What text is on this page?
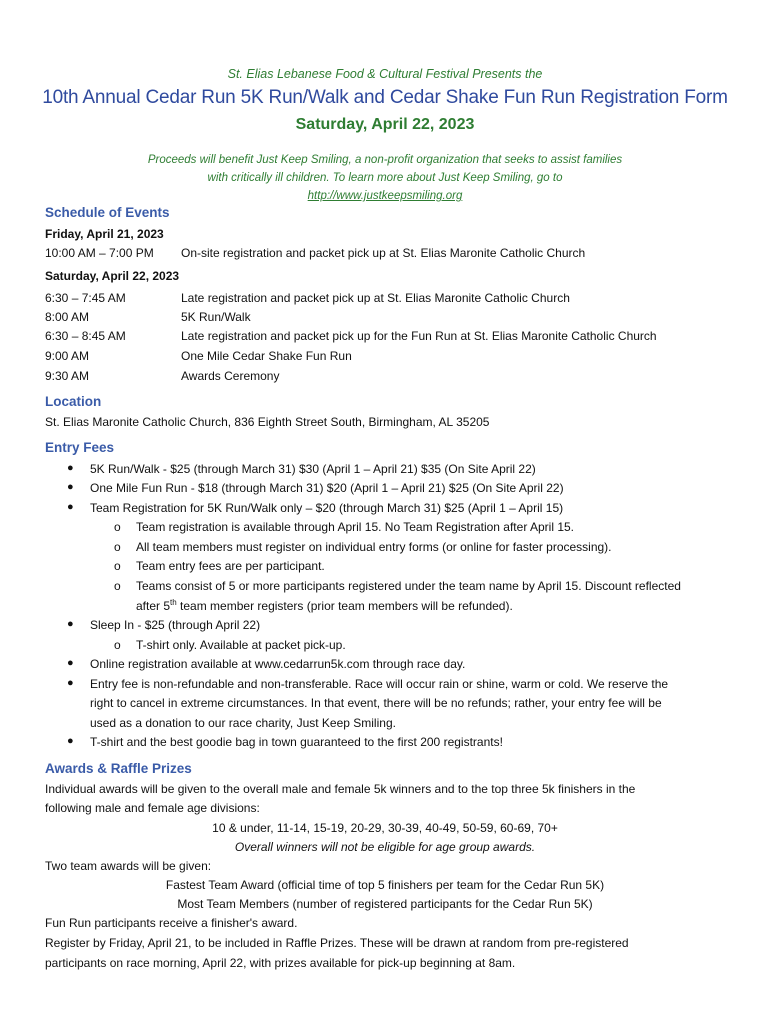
St. Elias Lebanese Food & Cultural Festival Presents the
10th Annual Cedar Run 5K Run/Walk and Cedar Shake Fun Run Registration Form
Saturday, April 22, 2023
Proceeds will benefit Just Keep Smiling, a non-profit organization that seeks to assist families
with critically ill children. To learn more about Just Keep Smiling, go to
http://www.justkeepsmiling.org
Schedule of Events
Friday, April 21, 2023
10:00 AM – 7:00 PM On-site registration and packet pick up at St. Elias Maronite Catholic Church
Saturday, April 22, 2023
6:30 – 7:45 AM	Late registration and packet pick up at St. Elias Maronite Catholic Church
8:00 AM	5K Run/Walk
6:30 – 8:45 AM	Late registration and packet pick up for the Fun Run at St. Elias Maronite Catholic Church
9:00 AM	One Mile Cedar Shake Fun Run
9:30 AM	Awards Ceremony
Location
St. Elias Maronite Catholic Church, 836 Eighth Street South, Birmingham, AL 35205
Entry Fees
● 5K Run/Walk - $25 (through March 31) $30 (April 1 – April 21) $35 (On Site April 22)
● One Mile Fun Run - $18 (through March 31) $20 (April 1 – April 21) $25 (On Site April 22)
● Team Registration for 5K Run/Walk only – $20 (through March 31) $25 (April 1 – April 15)
o Team registration is available through April 15. No Team Registration after April 15.
o All team members must register on individual entry forms (or online for faster processing).
o Team entry fees are per participant.
o Teams consist of 5 or more participants registered under the team name by April 15. Discount reflected
after 5th team member registers (prior team members will be refunded).
● Sleep In - $25 (through April 22)
o T-shirt only. Available at packet pick-up.
● Online registration available at www.cedarrun5k.com through race day.
● Entry fee is non-refundable and non-transferable. Race will occur rain or shine, warm or cold. We reserve the
right to cancel in extreme circumstances. In that event, there will be no refunds; rather, your entry fee will be
used as a donation to our race charity, Just Keep Smiling.
● T-shirt and the best goodie bag in town guaranteed to the first 200 registrants!
Awards & Raffle Prizes
Individual awards will be given to the overall male and female 5k winners and to the top three 5k finishers in the
following male and female age divisions:
10 & under, 11-14, 15-19, 20-29, 30-39, 40-49, 50-59, 60-69, 70+
Overall winners will not be eligible for age group awards.
Two team awards will be given:
Fastest Team Award (official time of top 5 finishers per team for the Cedar Run 5K)
Most Team Members (number of registered participants for the Cedar Run 5K)
Fun Run participants receive a finisher's award.
Register by Friday, April 21, to be included in Raffle Prizes. These will be drawn at random from pre-registered
participants on race morning, April 22, with prizes available for pick-up beginning at 8am.
